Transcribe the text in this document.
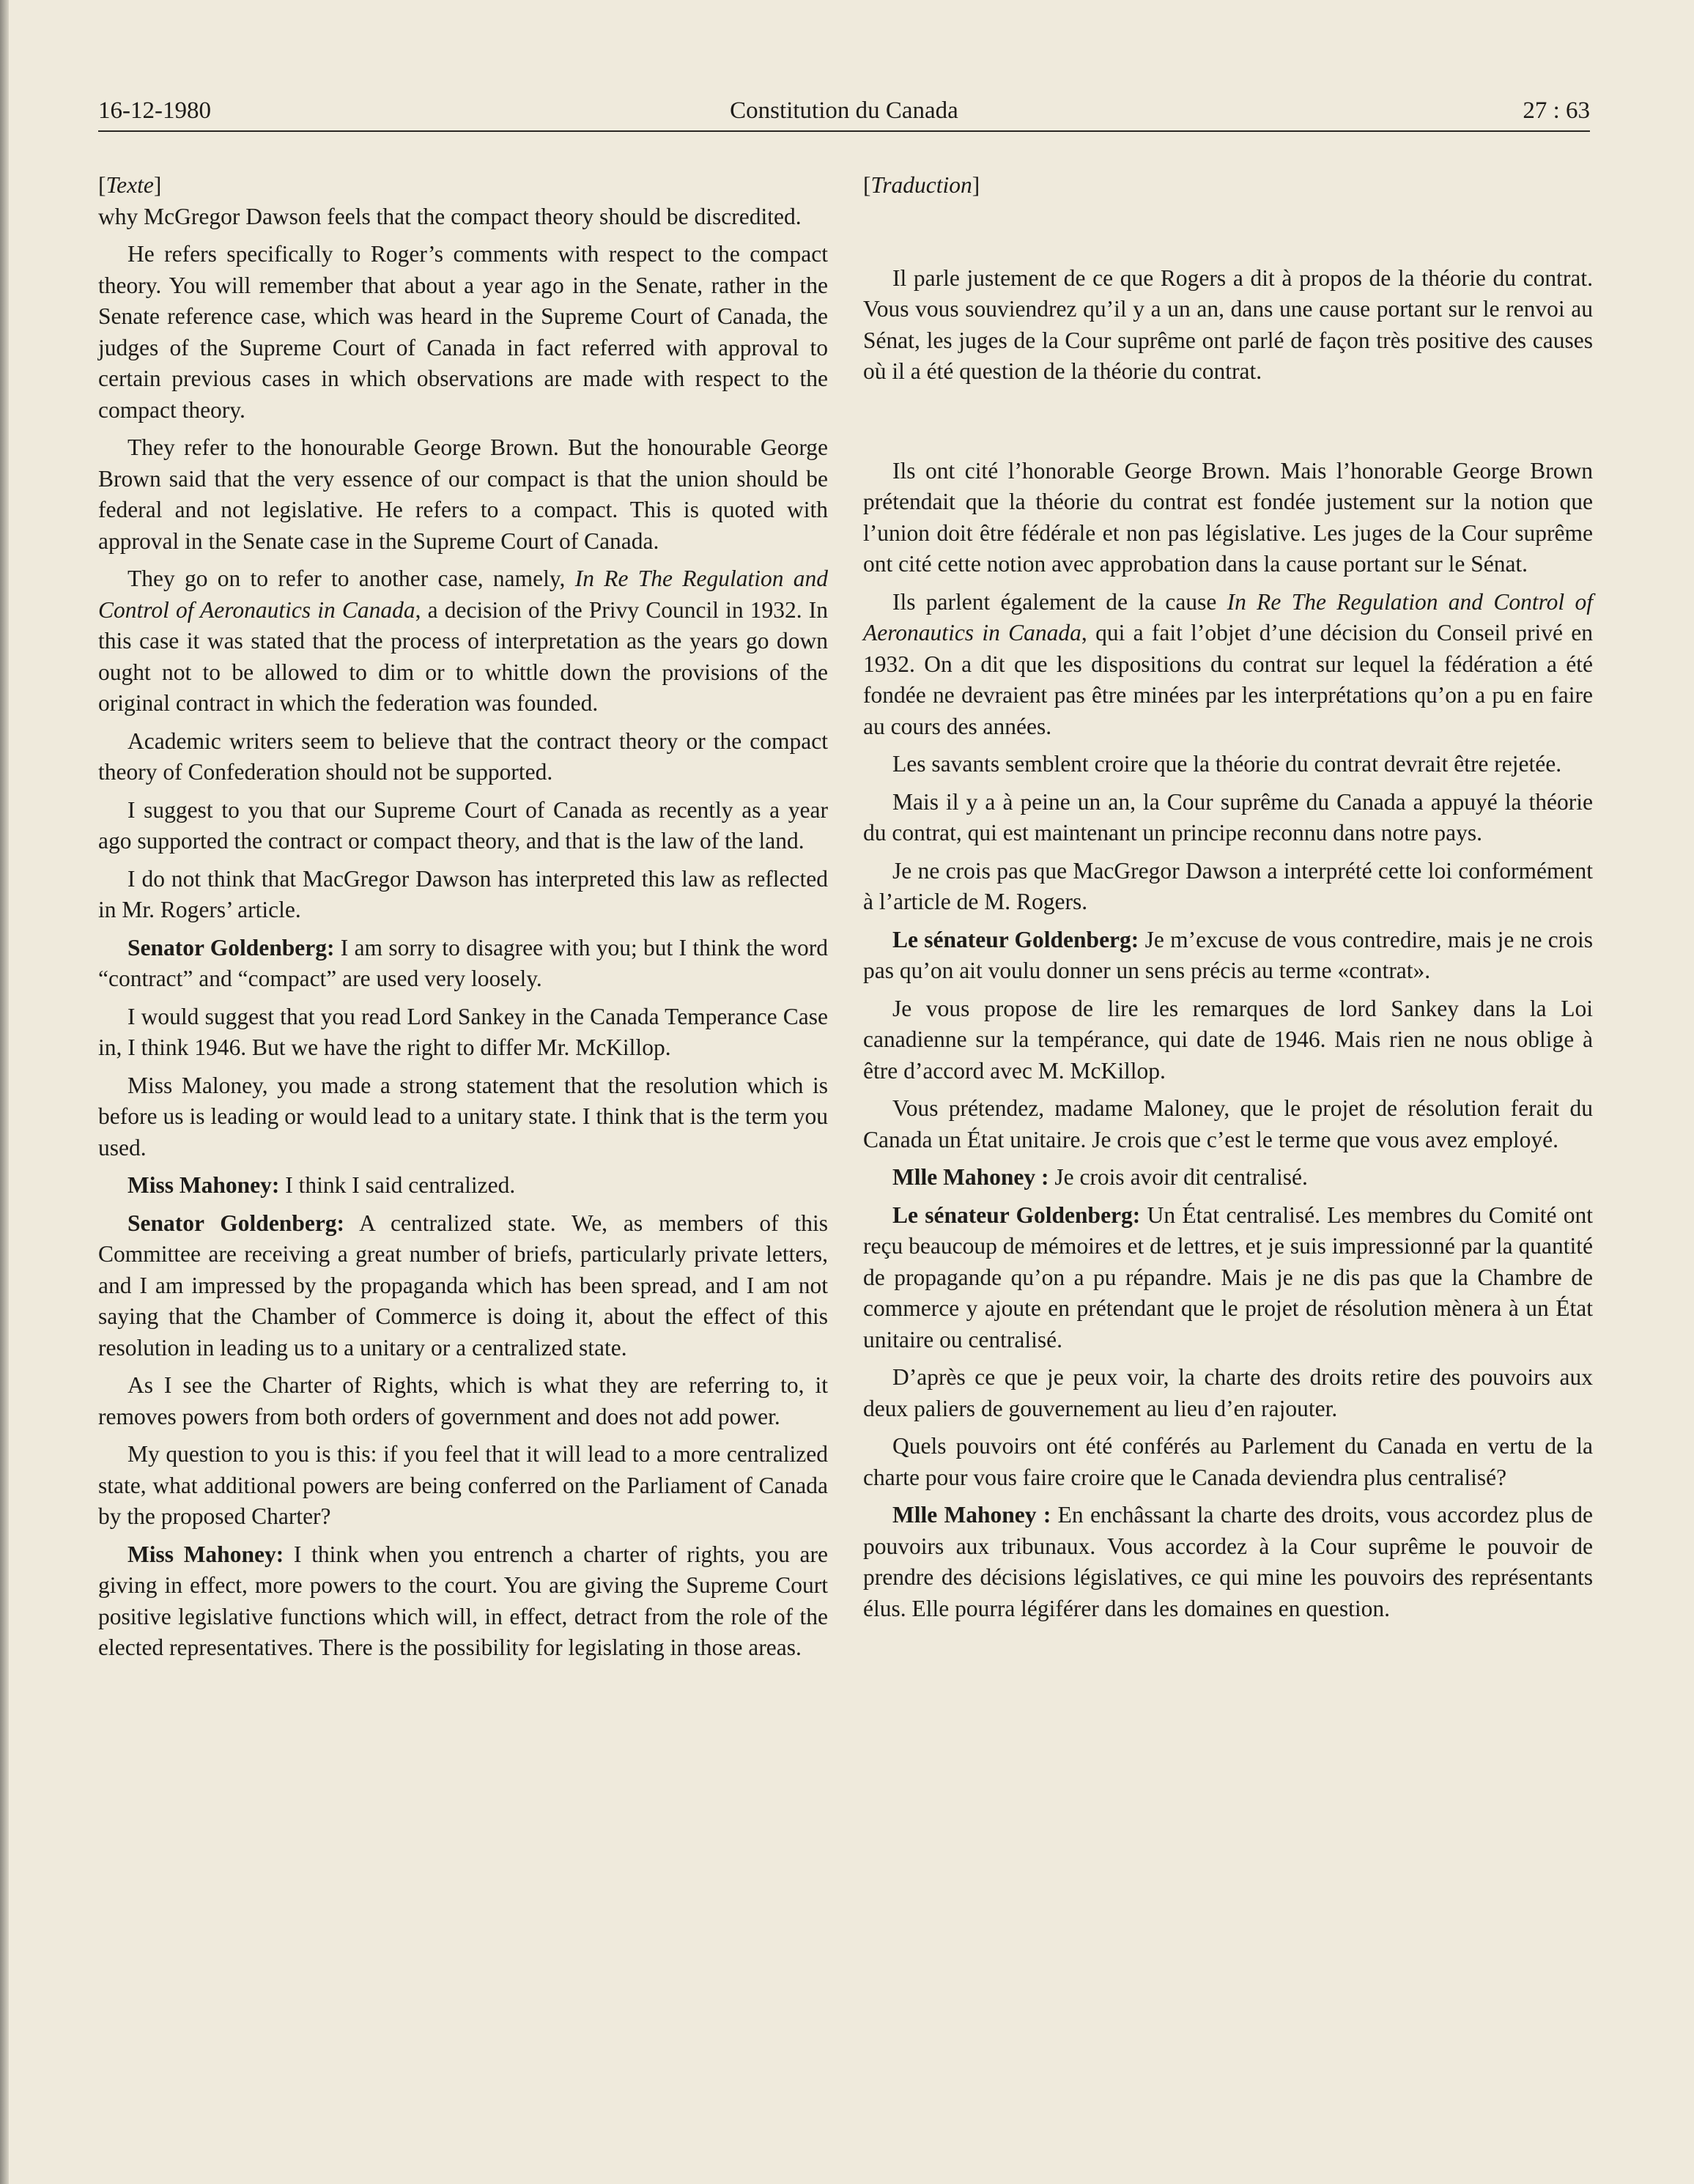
16-12-1980	Constitution du Canada	27 : 63

[Texte]

why McGregor Dawson feels that the compact theory should be discredited.

He refers specifically to Roger’s comments with respect to the compact theory. You will remember that about a year ago in the Senate, rather in the Senate reference case, which was heard in the Supreme Court of Canada, the judges of the Supreme Court of Canada in fact referred with approval to certain previous cases in which observations are made with respect to the compact theory.

They refer to the honourable George Brown. But the honourable George Brown said that the very essence of our compact is that the union should be federal and not legislative. He refers to a compact. This is quoted with approval in the Senate case in the Supreme Court of Canada.

They go on to refer to another case, namely, In Re The Regulation and Control of Aeronautics in Canada, a decision of the Privy Council in 1932. In this case it was stated that the process of interpretation as the years go down ought not to be allowed to dim or to whittle down the provisions of the original contract in which the federation was founded.

Academic writers seem to believe that the contract theory or the compact theory of Confederation should not be supported.

I suggest to you that our Supreme Court of Canada as recently as a year ago supported the contract or compact theory, and that is the law of the land.

I do not think that MacGregor Dawson has interpreted this law as reflected in Mr. Rogers’ article.

Senator Goldenberg: I am sorry to disagree with you; but I think the word “contract” and “compact” are used very loosely.

I would suggest that you read Lord Sankey in the Canada Temperance Case in, I think 1946. But we have the right to differ Mr. McKillop.

Miss Maloney, you made a strong statement that the resolution which is before us is leading or would lead to a unitary state. I think that is the term you used.

Miss Mahoney: I think I said centralized.

Senator Goldenberg: A centralized state. We, as members of this Committee are receiving a great number of briefs, particularly private letters, and I am impressed by the propaganda which has been spread, and I am not saying that the Chamber of Commerce is doing it, about the effect of this resolution in leading us to a unitary or a centralized state.

As I see the Charter of Rights, which is what they are referring to, it removes powers from both orders of government and does not add power.

My question to you is this: if you feel that it will lead to a more centralized state, what additional powers are being conferred on the Parliament of Canada by the proposed Charter?

Miss Mahoney: I think when you entrench a charter of rights, you are giving in effect, more powers to the court. You are giving the Supreme Court positive legislative functions which will, in effect, detract from the role of the elected representatives. There is the possibility for legislating in those areas.

[Traduction]

Il parle justement de ce que Rogers a dit à propos de la théorie du contrat. Vous vous souviendrez qu’il y a un an, dans une cause portant sur le renvoi au Sénat, les juges de la Cour suprême ont parlé de façon très positive des causes où il a été question de la théorie du contrat.

Ils ont cité l’honorable George Brown. Mais l’honorable George Brown prétendait que la théorie du contrat est fondée justement sur la notion que l’union doit être fédérale et non pas législative. Les juges de la Cour suprême ont cité cette notion avec approbation dans la cause portant sur le Sénat.

Ils parlent également de la cause In Re The Regulation and Control of Aeronautics in Canada, qui a fait l’objet d’une décision du Conseil privé en 1932. On a dit que les dispositions du contrat sur lequel la fédération a été fondée ne devraient pas être minées par les interprétations qu’on a pu en faire au cours des années.

Les savants semblent croire que la théorie du contrat devrait être rejetée.

Mais il y a à peine un an, la Cour suprême du Canada a appuyé la théorie du contrat, qui est maintenant un principe reconnu dans notre pays.

Je ne crois pas que MacGregor Dawson a interprété cette loi conformément à l’article de M. Rogers.

Le sénateur Goldenberg: Je m’excuse de vous contredire, mais je ne crois pas qu’on ait voulu donner un sens précis au terme «contrat».

Je vous propose de lire les remarques de lord Sankey dans la Loi canadienne sur la tempérance, qui date de 1946. Mais rien ne nous oblige à être d’accord avec M. McKillop.

Vous prétendez, madame Maloney, que le projet de résolution ferait du Canada un État unitaire. Je crois que c’est le terme que vous avez employé.

Mlle Mahoney : Je crois avoir dit centralisé.

Le sénateur Goldenberg: Un État centralisé. Les membres du Comité ont reçu beaucoup de mémoires et de lettres, et je suis impressionné par la quantité de propagande qu’on a pu répandre. Mais je ne dis pas que la Chambre de commerce y ajoute en prétendant que le projet de résolution mènera à un État unitaire ou centralisé.

D’après ce que je peux voir, la charte des droits retire des pouvoirs aux deux paliers de gouvernement au lieu d’en rajouter.

Quels pouvoirs ont été conférés au Parlement du Canada en vertu de la charte pour vous faire croire que le Canada deviendra plus centralisé?

Mlle Mahoney : En enchâssant la charte des droits, vous accordez plus de pouvoirs aux tribunaux. Vous accordez à la Cour suprême le pouvoir de prendre des décisions législatives, ce qui mine les pouvoirs des représentants élus. Elle pourra légiférer dans les domaines en question.
